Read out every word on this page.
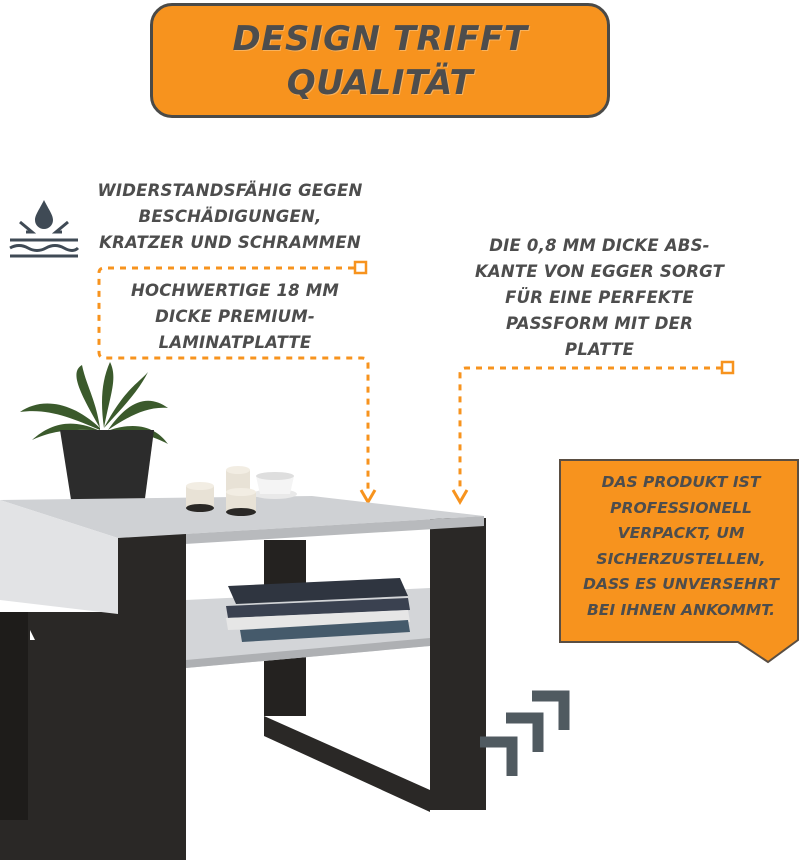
DESIGN TRIFFT
QUALITÄT
WIDERSTANDSFÄHIG GEGEN
BESCHÄDIGUNGEN,
KRATZER UND SCHRAMMEN
HOCHWERTIGE 18 MM
DICKE PREMIUM-
LAMINATPLATTE
DIE 0,8 MM DICKE ABS-
KANTE VON EGGER SORGT
FÜR EINE PERFEKTE
PASSFORM MIT DER
PLATTE
DAS PRODUKT IST
PROFESSIONELL
VERPACKT, UM
SICHERZUSTELLEN,
DASS ES UNVERSEHRT
BEI IHNEN ANKOMMT.
